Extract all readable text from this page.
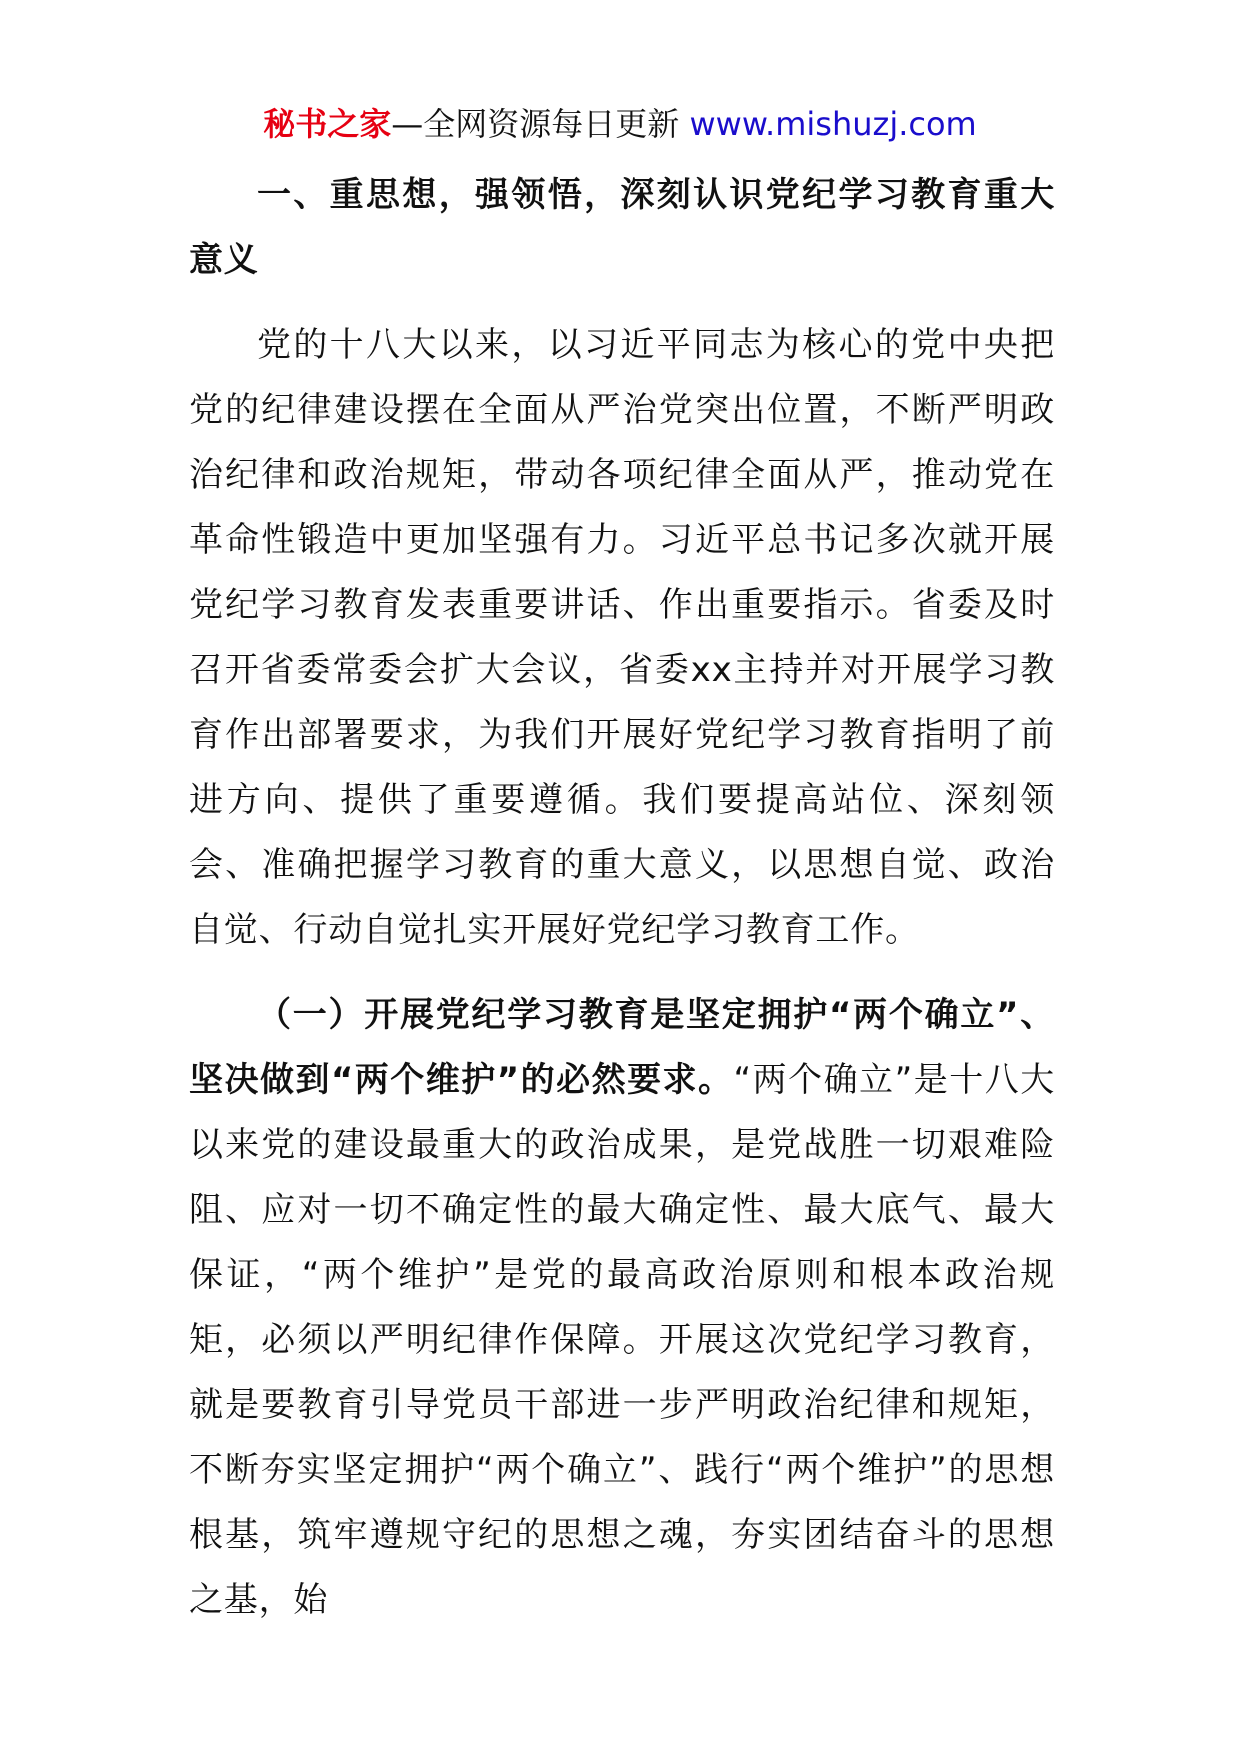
秘书之家—全网资源每日更新 www.mishuzj.com

一、重思想，强领悟，深刻认识党纪学习教育重大意义

党的十八大以来，以习近平同志为核心的党中央把党的纪律建设摆在全面从严治党突出位置，不断严明政治纪律和政治规矩，带动各项纪律全面从严，推动党在革命性锻造中更加坚强有力。习近平总书记多次就开展党纪学习教育发表重要讲话、作出重要指示。省委及时召开省委常委会扩大会议，省委xx主持并对开展学习教育作出部署要求，为我们开展好党纪学习教育指明了前进方向、提供了重要遵循。我们要提高站位、深刻领会、准确把握学习教育的重大意义，以思想自觉、政治自觉、行动自觉扎实开展好党纪学习教育工作。

（一）开展党纪学习教育是坚定拥护“两个确立”、坚决做到“两个维护”的必然要求。“两个确立”是十八大以来党的建设最重大的政治成果，是党战胜一切艰难险阻、应对一切不确定性的最大确定性、最大底气、最大保证，“两个维护”是党的最高政治原则和根本政治规矩，必须以严明纪律作保障。开展这次党纪学习教育，就是要教育引导党员干部进一步严明政治纪律和规矩，不断夯实坚定拥护“两个确立”、践行“两个维护”的思想根基，筑牢遵规守纪的思想之魂，夯实团结奋斗的思想之基，始
